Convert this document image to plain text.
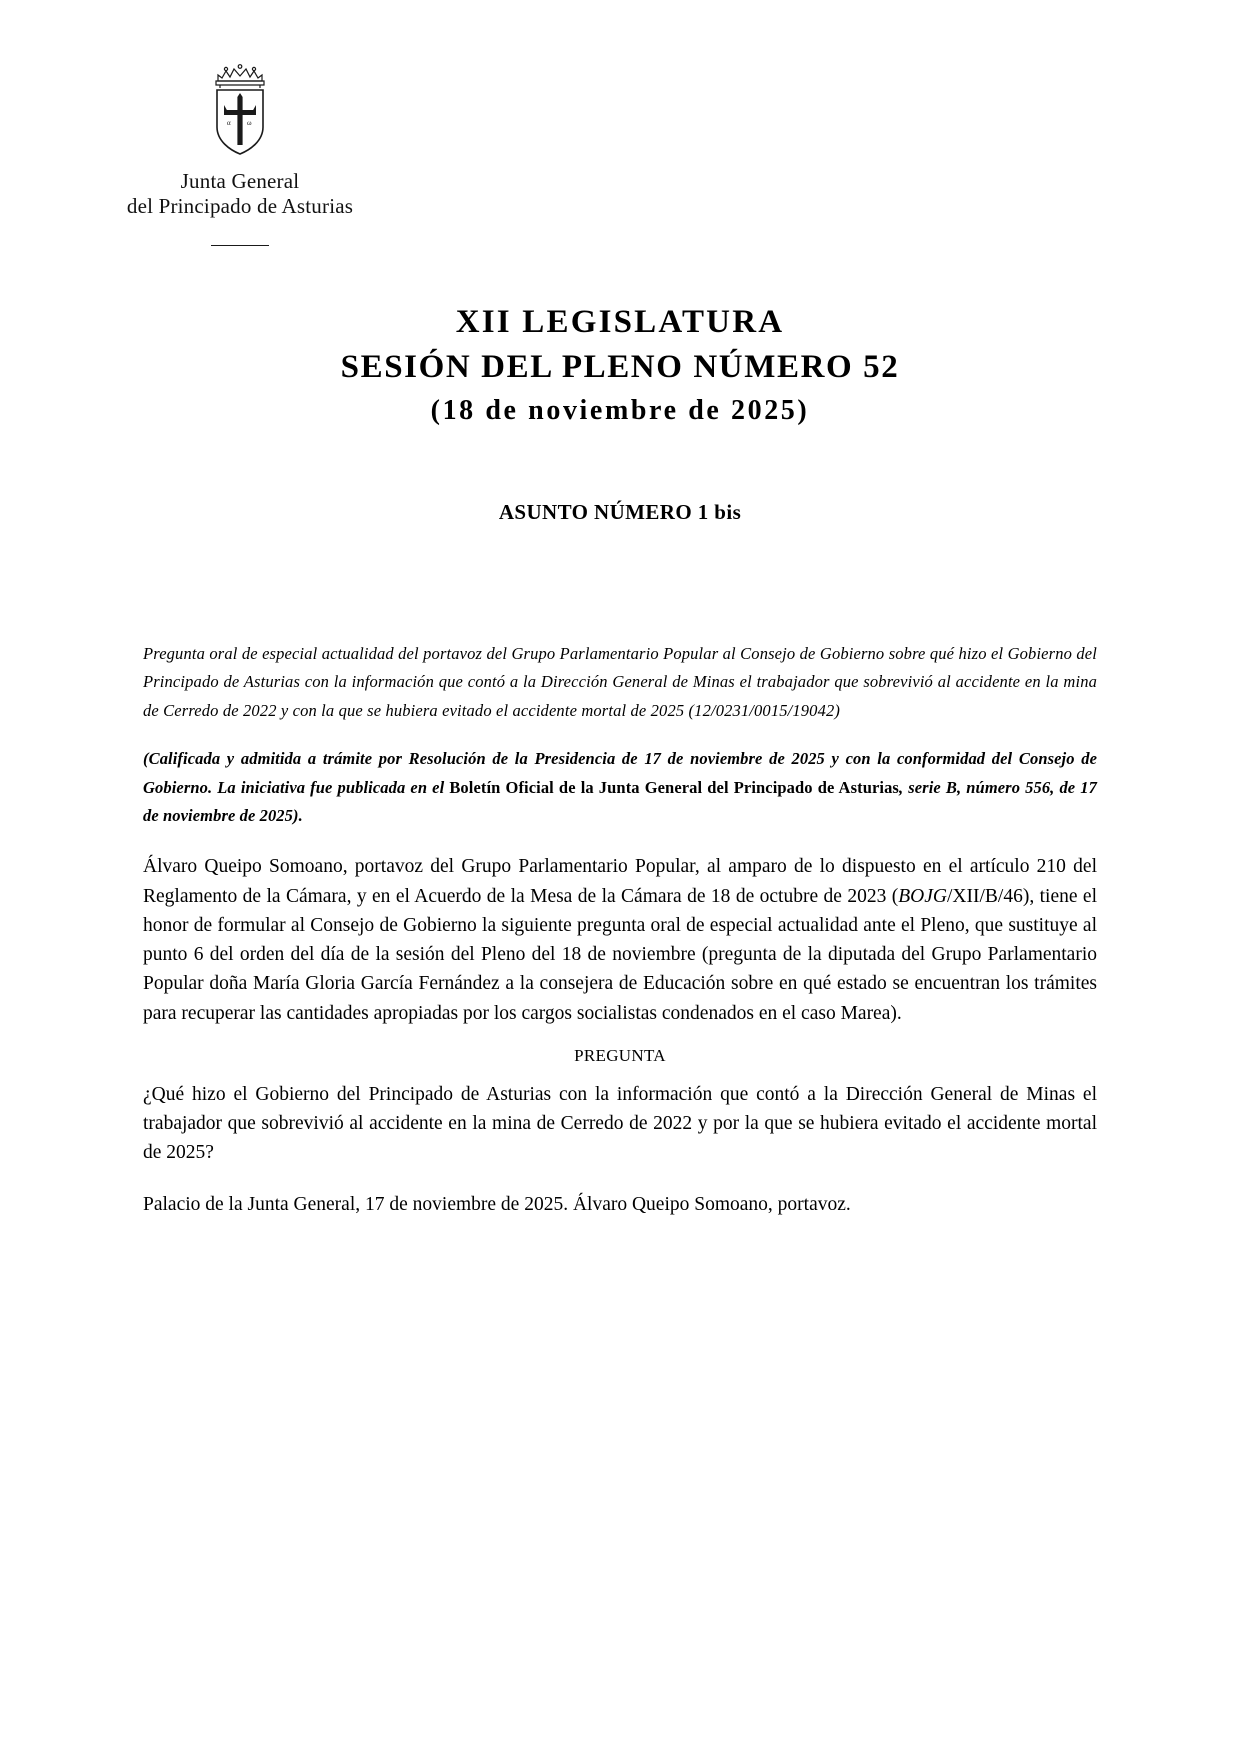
α ω
Junta General
del Principado de Asturias
XII LEGISLATURA
SESIÓN DEL PLENO NÚMERO 52
(18 de noviembre de 2025)
ASUNTO NÚMERO 1 bis

Pregunta oral de especial actualidad del portavoz del Grupo Parlamentario Popular al Consejo de Gobierno sobre qué hizo el Gobierno del Principado de Asturias con la información que contó a la Dirección General de Minas el trabajador que sobrevivió al accidente en la mina de Cerredo de 2022 y con la que se hubiera evitado el accidente mortal de 2025 (12/0231/0015/19042)

(Calificada y admitida a trámite por Resolución de la Presidencia de 17 de noviembre de 2025 y con la conformidad del Consejo de Gobierno. La iniciativa fue publicada en el Boletín Oficial de la Junta General del Principado de Asturias, serie B, número 556, de 17 de noviembre de 2025).

Álvaro Queipo Somoano, portavoz del Grupo Parlamentario Popular, al amparo de lo dispuesto en el artículo 210 del Reglamento de la Cámara, y en el Acuerdo de la Mesa de la Cámara de 18 de octubre de 2023 (BOJG/XII/B/46), tiene el honor de formular al Consejo de Gobierno la siguiente pregunta oral de especial actualidad ante el Pleno, que sustituye al punto 6 del orden del día de la sesión del Pleno del 18 de noviembre (pregunta de la diputada del Grupo Parlamentario Popular doña María Gloria García Fernández a la consejera de Educación sobre en qué estado se encuentran los trámites para recuperar las cantidades apropiadas por los cargos socialistas condenados en el caso Marea).

PREGUNTA

¿Qué hizo el Gobierno del Principado de Asturias con la información que contó a la Dirección General de Minas el trabajador que sobrevivió al accidente en la mina de Cerredo de 2022 y por la que se hubiera evitado el accidente mortal de 2025?

Palacio de la Junta General, 17 de noviembre de 2025. Álvaro Queipo Somoano, portavoz.
